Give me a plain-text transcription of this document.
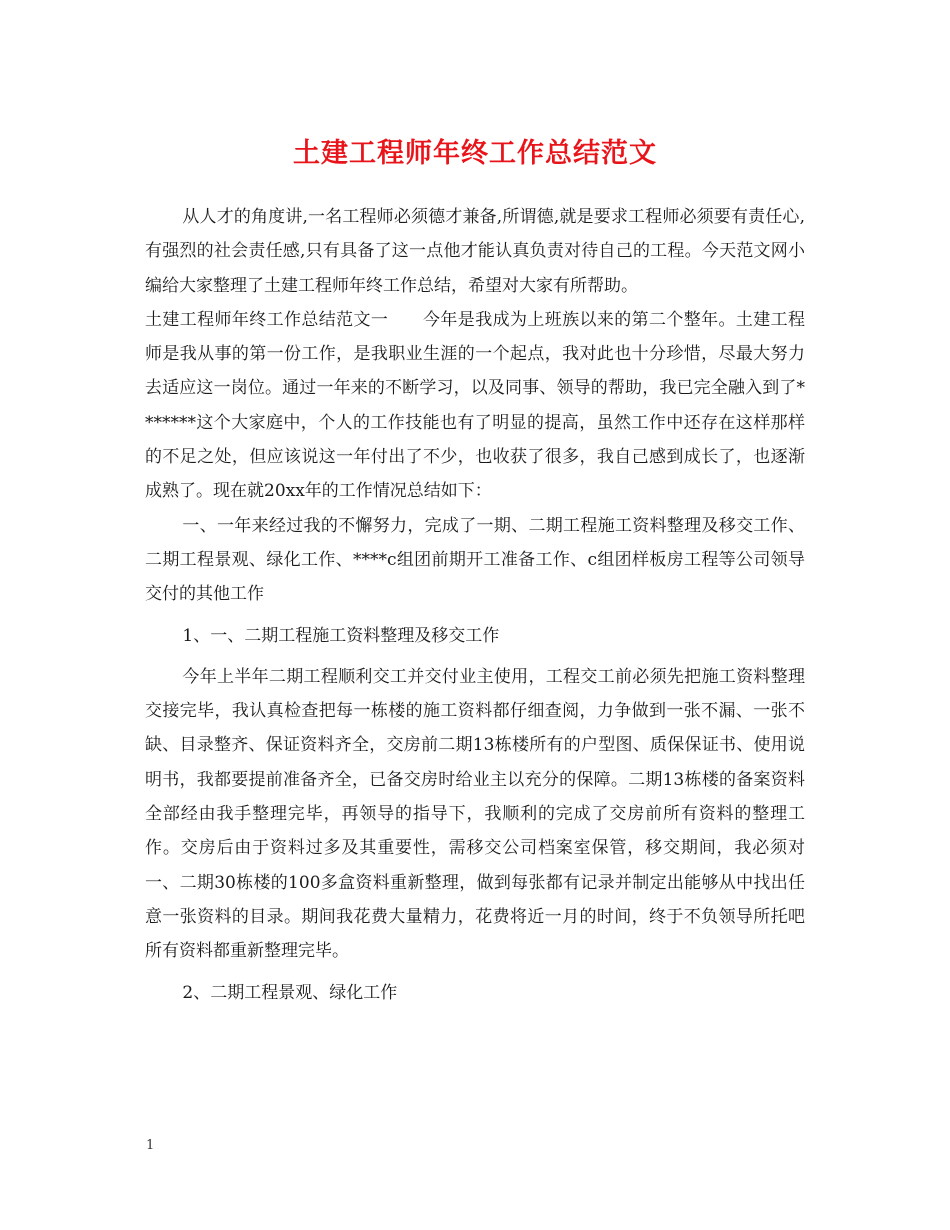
土建工程师年终工作总结范文

从人才的角度讲,一名工程师必须德才兼备,所谓德,就是要求工程师必须要有责任心,有强烈的社会责任感,只有具备了这一点他才能认真负责对待自己的工程。今天范文网小编给大家整理了土建工程师年终工作总结，希望对大家有所帮助。

土建工程师年终工作总结范文一　　今年是我成为上班族以来的第二个整年。土建工程师是我从事的第一份工作，是我职业生涯的一个起点，我对此也十分珍惜，尽最大努力去适应这一岗位。通过一年来的不断学习，以及同事、领导的帮助，我已完全融入到了*******这个大家庭中，个人的工作技能也有了明显的提高，虽然工作中还存在这样那样的不足之处，但应该说这一年付出了不少，也收获了很多，我自己感到成长了，也逐渐成熟了。现在就20xx年的工作情况总结如下：

一、一年来经过我的不懈努力，完成了一期、二期工程施工资料整理及移交工作、二期工程景观、绿化工作、****c组团前期开工准备工作、c组团样板房工程等公司领导交付的其他工作

1、一、二期工程施工资料整理及移交工作

今年上半年二期工程顺利交工并交付业主使用，工程交工前必须先把施工资料整理交接完毕，我认真检查把每一栋楼的施工资料都仔细查阅，力争做到一张不漏、一张不缺、目录整齐、保证资料齐全，交房前二期13栋楼所有的户型图、质保保证书、使用说明书，我都要提前准备齐全，已备交房时给业主以充分的保障。二期13栋楼的备案资料全部经由我手整理完毕，再领导的指导下，我顺利的完成了交房前所有资料的整理工作。交房后由于资料过多及其重要性，需移交公司档案室保管，移交期间，我必须对一、二期30栋楼的100多盒资料重新整理，做到每张都有记录并制定出能够从中找出任意一张资料的目录。期间我花费大量精力，花费将近一月的时间，终于不负领导所托吧所有资料都重新整理完毕。

2、二期工程景观、绿化工作

1
